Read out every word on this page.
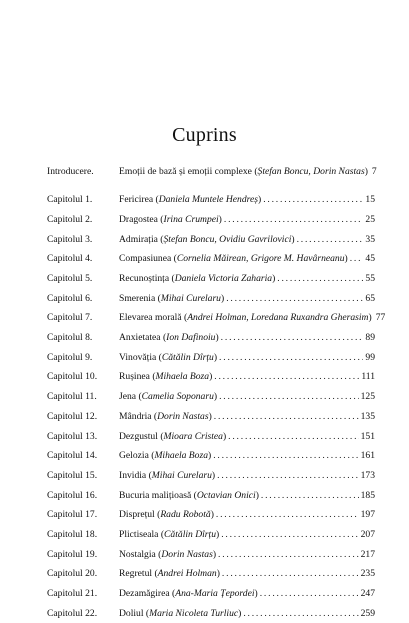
Cuprins
Introducere.	Emoții de bază și emoții complexe ( Ștefan Boncu, Dorin Nastas ) 7
Capitolul 1.	Fericirea ( Daniela Muntele Hendreș ) . . .	15
Capitolul 2.	Dragostea ( Irina Crumpei ) . . .	25
Capitolul 3.	Admirația ( Ștefan Boncu, Ovidiu Gavrilovici ) . . .	35
Capitolul 4.	Compasiunea ( Cornelia Măirean, Grigore M. Havârneanu ) . . . 45
Capitolul 5.	Recunoștința ( Daniela Victoria Zaharia ) . . .	55
Capitolul 6.	Smerenia ( Mihai Curelaru ) . . .	65
Capitolul 7.	Elevarea morală ( Andrei Holman, Loredana Ruxandra Gherasim ) 77
Capitolul 8.	Anxietatea ( Ion Dafinoiu ) . . .	89
Capitolul 9.	Vinovăția ( Cătălin Dîrțu ) . . .	99
Capitolul 10.	Rușinea ( Mihaela Boza ) . . .	111
Capitolul 11.	Jena ( Camelia Soponaru ) . . .	125
Capitolul 12.	Mândria ( Dorin Nastas ) . . .	135
Capitolul 13.	Dezgustul ( Mioara Cristea ) . . .	151
Capitolul 14.	Gelozia ( Mihaela Boza ) . . .	161
Capitolul 15.	Invidia ( Mihai Curelaru ) . . .	173
Capitolul 16.	Bucuria malițioasă ( Octavian Onici ) . . .	185
Capitolul 17.	Disprețul ( Radu Robotă ) . . .	197
Capitolul 18.	Plictiseala ( Cătălin Dîrțu ) . . .	207
Capitolul 19.	Nostalgia ( Dorin Nastas ) . . .	217
Capitolul 20.	Regretul ( Andrei Holman ) . . .	235
Capitolul 21.	Dezamăgirea ( Ana-Maria Țepordei ) . . .	247
Capitolul 22.	Doliul ( Maria Nicoleta Turliuc ) . . .	259
